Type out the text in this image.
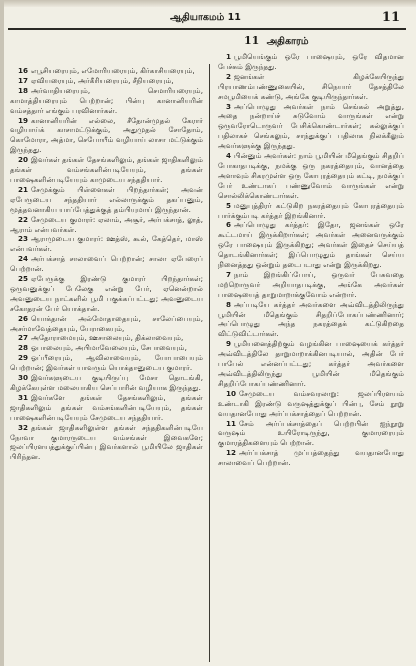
ஆதியாகமம் 11	11
11 அதிகாரம்

16 எபூசியரையும், எமோரியரையும், கிர்காசியரையும்,

17 ஏவியரையும், அர்கீரியரையும், சீநியரையும்,

18 அர்வாதியரையும், செமாரியரையும், காமாத்தியரையும் பெற்றான்; பின்பு கானானியரின் வம்சத்தார் எங்கும் பரவினார்கள்.

19 கானானியரின் எல்லை, சீதோன்முதல் கேரார் வழியாய்க் காசாமட்டுக்கும், அதுமுதல் சோதோம், கொமோரா, அத்மா, செபோயீம் வழியாய் லாசா மட்டுக்கும் இருந்தது.

20 இவர்கள் தங்கள் தேசங்களிலும், தங்கள் ஜாதிகளிலும் தங்கள் வம்சங்களின்படியேயும், தங்கள் பாஷைகளின்படியேயும் காமுடைய சந்ததியார்.

21 சேமுக்கும் பிள்ளைகள் பிறந்தார்கள்; அவன் ஏபேருடைய சந்ததியார் எல்லாருக்கும் தகப்பனும், மூத்தவனாகிய யாப்பேத்துக்குத் தம்பியுமாய் இருந்தான்.

22 சேமுடைய குமாரர்: ஏலாம், அசூர், அர்பக்சாத், லூத், ஆராம் என்பவர்கள்.

23 ஆராமுடைய குமாரர்: ஊத்ஸ், கூல், கேத்தெர், மாஸ் என்பவர்கள்.

24 அர்பக்சாத் சாலாவைப் பெற்றான்; சாலா ஏபேரைப் பெற்றான்.

25 ஏபேருக்கு இரண்டு குமாரர் பிறந்தார்கள்; ஒருவனுக்குப் பேலேகு என்று பேர், ஏனென்றால் அவனுடைய நாட்களில் பூமி பகுக்கப்பட்டது; அவனுடைய சகோதரன் பேர் யொக்தான்.

26 யொக்தான் அல்மோதாதையும், சாலேப்பையும், அசர்மாவேத்தையும், யேராகையும்,

27 அதோராமையும், ஊசாலையும், திக்லாவையும்,

28 ஓபாலையும், அபிமாவேலையும், சேபாவையும்,

29 ஓப்பீரையும், ஆவிலாவையும், யோபாபையும் பெற்றான்; இவர்கள் யாவரும் யொக்தானுடைய குமாரர்.

30 இவர்களுடைய குடியிருப்பு மேசா தொடங்கி, கிழக்கேயுள்ள மலையாகிய செப்பாரின் வழியாக இருந்தது.

31 இவர்களே தங்கள் தேசங்களிலும், தங்கள் ஜாதிகளிலும் தங்கள் வம்சங்களின்படியேயும், தங்கள் பாஷைகளின்படியேயும் சேமுடைய சந்ததியார்.

32 தங்கள் ஜாதிகளிலுள்ள தங்கள் சந்ததிகளின்படியே நோவா குமாரருடைய வம்சங்கள் இவைகளே; ஜலப்பிரளயத்துக்குப்பின்பு இவர்களால் பூமியிலே ஜாதிகள் பிரிந்தன.

1 பூமியெங்கும் ஒரே பாஷையும், ஒரே விதமான பேச்சும் இருந்தது.

2 ஜனங்கள் கிழக்கேயிருந்து பிரயாணம்பண்ணுகையில், சிநெயார் தேசத்திலே சமபூமியைக் கண்டு, அங்கே குடியிருந்தார்கள்.

3 அப்பொழுது அவர்கள் நாம் செங்கல் அறுத்து, அதை நன்றாய்ச் சுடுவோம் வாருங்கள் என்று ஒருவரோடொருவர் பேசிக்கொண்டார்கள்; கல்லுக்குப் பதிலாகச் செங்கலும், சாந்துக்குப் பதிலாக நிலக்கீலும் அவர்களுக்கு இருந்தது.

4 பின்னும் அவர்கள்: நாம் பூமியின் மீதெங்கும் சிதறிப் போகாதபடிக்கு, நமக்கு ஒரு நகரத்தையும், வானத்தை அளாவும் சிகரமுள்ள ஒரு கோபுரத்தையும் கட்டி, நமக்குப் பேர் உண்டாகப் பண்ணுவோம் வாருங்கள் என்று சொல்லிக்கொண்டார்கள்.

5 மனுபுத்திரர் கட்டுகிற நகரத்தையும் கோபுரத்தையும் பார்க்கும்படி கர்த்தர் இறங்கினார்.

6 அப்பொழுது கர்த்தர்: இதோ, ஜனங்கள் ஒரே கூட்டமாய் இருக்கிறார்கள்; அவர்கள் அனைவருக்கும் ஒரே பாஷையும் இருக்கிறது; அவர்கள் இதைச் செய்யத் தொடங்கினார்கள்; இப்பொழுதும் தாங்கள் செய்ய நினைத்தது ஒன்றும் தடைபடாது என்று இருக்கிறது.

7 நாம் இறங்கிப்போய், ஒருவர் பேசுவதை மற்றொருவர் அறியாதபடிக்கு, அங்கே அவர்கள் பாஷையைத் தாறுமாறாக்குவோம் என்றார்.

8 அப்படியே கர்த்தர் அவர்களை அவ்விடத்திலிருந்து பூமியின் மீதெங்கும் சிதறிப்போகப்பண்ணினார்; அப்பொழுது அந்த நகரத்தைக் கட்டுகிறதை விட்டுவிட்டார்கள்.

9 பூமியனைத்திற்கும் வழங்கின பாஷையைக் கர்த்தர் அவ்விடத்திலே தாறுமாறாக்கினபடியால், அதின் பேர் பாபேல் என்னப்பட்டது; கர்த்தர் அவர்களை அவ்விடத்திலிருந்து பூமியின் மீதெங்கும் சிதறிப்போகப்பண்ணினார்.

10 சேமுடைய வம்சவரலாறு: ஜலப்பிரளயம் உண்டாகி இரண்டு வருஷத்துக்குப் பின்பு, சேம் நூறு வயதானபோது அர்ப்பக்சாத்தைப் பெற்றான்.

11 சேம் அர்ப்பக்சாத்தைப் பெற்றபின் ஐந்நூறு வருஷம் உயிரோடிருந்து, குமாரரையும் குமாரத்திகளையும் பெற்றான்.

12 அர்ப்பக்சாத் முப்பத்தைந்து வயதானபோது சாலாவைப் பெற்றான்.
